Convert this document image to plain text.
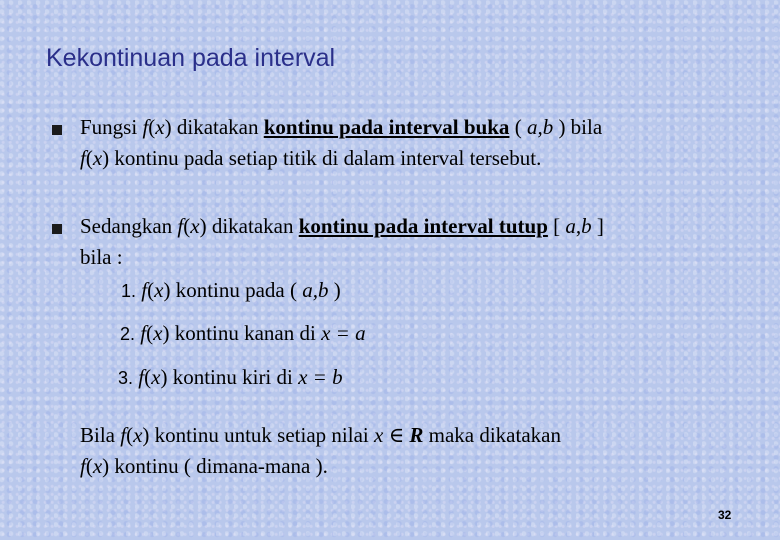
Kekontinuan pada interval
Fungsi f(x) dikatakan kontinu pada interval buka ( a,b ) bila
f(x) kontinu pada setiap titik di dalam interval tersebut.
Sedangkan f(x) dikatakan kontinu pada interval tutup [ a,b ]
bila :
1. f(x) kontinu pada ( a,b )
2. f(x) kontinu kanan di x = a
3. f(x) kontinu kiri di x = b
Bila f(x) kontinu untuk setiap nilai x ∈ R maka dikatakan
f(x) kontinu ( dimana-mana ).
32
